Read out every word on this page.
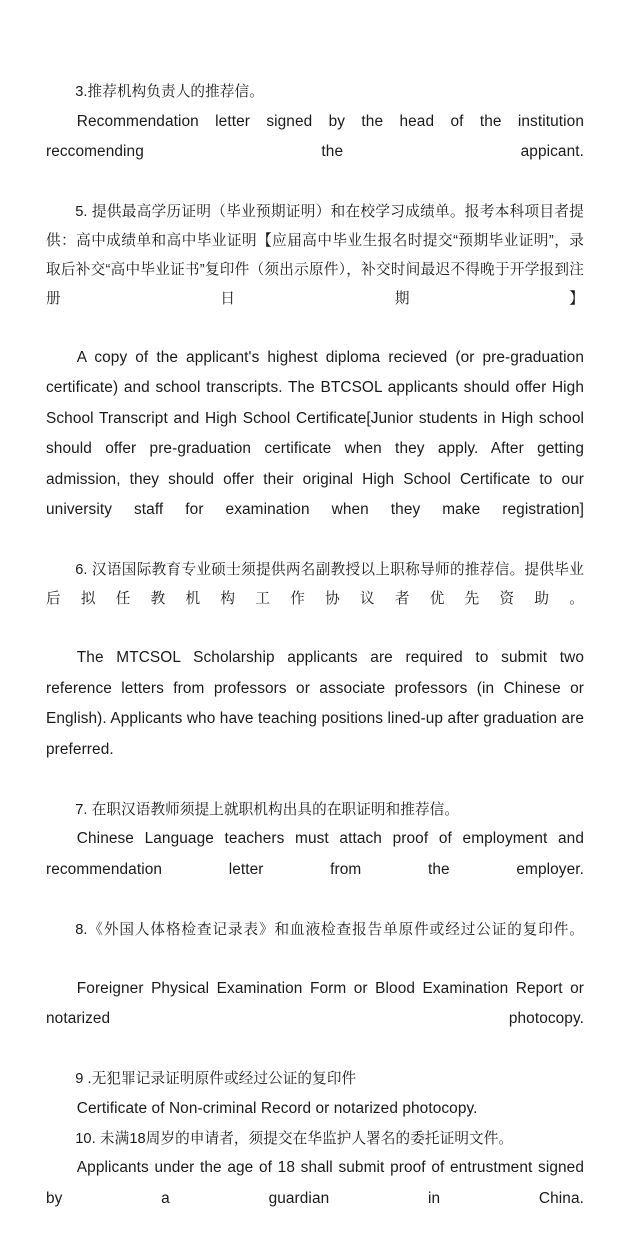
3.推荐机构负责人的推荐信。

Recommendation letter signed by the head of the institution reccomending the appicant.

5. 提供最高学历证明（毕业预期证明）和在校学习成绩单。报考本科项目者提供：高中成绩单和高中毕业证明【应届高中毕业生报名时提交“预期毕业证明”，录取后补交“高中毕业证书”复印件（须出示原件），补交时间最迟不得晚于开学报到注册日期】

A copy of the applicant's highest diploma recieved (or pre-graduation certificate) and school transcripts. The BTCSOL applicants should offer High School Transcript and High School Certificate[Junior students in High school should offer pre-graduation certificate when they apply. After getting admission, they should offer their original High School Certificate to our university staff for examination when they make registration]

6. 汉语国际教育专业硕士须提供两名副教授以上职称导师的推荐信。提供毕业后拟任教机构工作协议者优先资助。

The MTCSOL Scholarship applicants are required to submit two reference letters from professors or associate professors (in Chinese or English). Applicants who have teaching positions lined-up after graduation are preferred.

7. 在职汉语教师须提上就职机构出具的在职证明和推荐信。

Chinese Language teachers must attach proof of employment and recommendation letter from the employer.

8.《外国人体格检查记录表》和血液检查报告单原件或经过公证的复印件。

Foreigner Physical Examination Form or Blood Examination Report or notarized photocopy.

9 .无犯罪记录证明原件或经过公证的复印件

Certificate of Non-criminal Record or notarized photocopy.

10. 未满18周岁的申请者，须提交在华监护人署名的委托证明文件。

Applicants under the age of 18 shall submit proof of entrustment signed by a guardian in China.
